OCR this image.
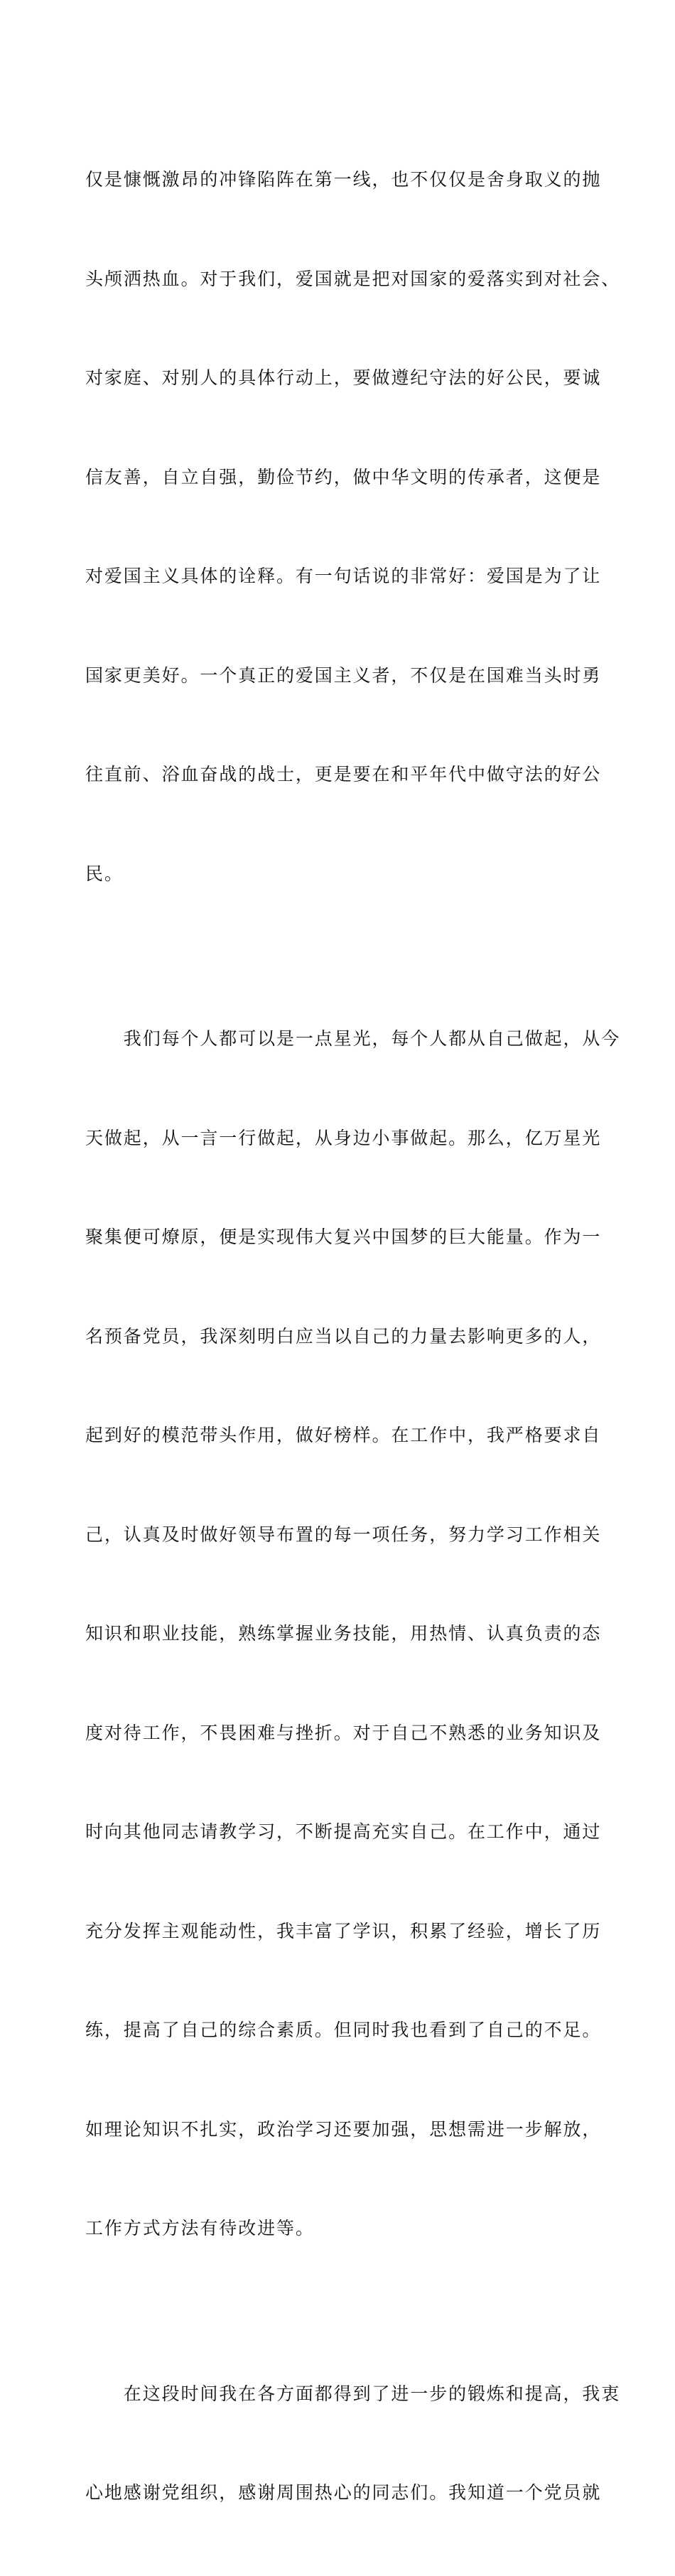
仅是慷慨激昂的冲锋陷阵在第一线，也不仅仅是舍身取义的抛

头颅洒热血。对于我们，爱国就是把对国家的爱落实到对社会、

对家庭、对别人的具体行动上，要做遵纪守法的好公民，要诚

信友善，自立自强，勤俭节约，做中华文明的传承者，这便是

对爱国主义具体的诠释。有一句话说的非常好：爱国是为了让

国家更美好。一个真正的爱国主义者，不仅是在国难当头时勇

往直前、浴血奋战的战士，更是要在和平年代中做守法的好公

民。

　　我们每个人都可以是一点星光，每个人都从自己做起，从今

天做起，从一言一行做起，从身边小事做起。那么，亿万星光

聚集便可燎原，便是实现伟大复兴中国梦的巨大能量。作为一

名预备党员，我深刻明白应当以自己的力量去影响更多的人，

起到好的模范带头作用，做好榜样。在工作中，我严格要求自

己，认真及时做好领导布置的每一项任务，努力学习工作相关

知识和职业技能，熟练掌握业务技能，用热情、认真负责的态

度对待工作，不畏困难与挫折。对于自己不熟悉的业务知识及

时向其他同志请教学习，不断提高充实自己。在工作中，通过

充分发挥主观能动性，我丰富了学识，积累了经验，增长了历

练，提高了自己的综合素质。但同时我也看到了自己的不足。

如理论知识不扎实，政治学习还要加强，思想需进一步解放，

工作方式方法有待改进等。

　　在这段时间我在各方面都得到了进一步的锻炼和提高，我衷

心地感谢党组织，感谢周围热心的同志们。我知道一个党员就
